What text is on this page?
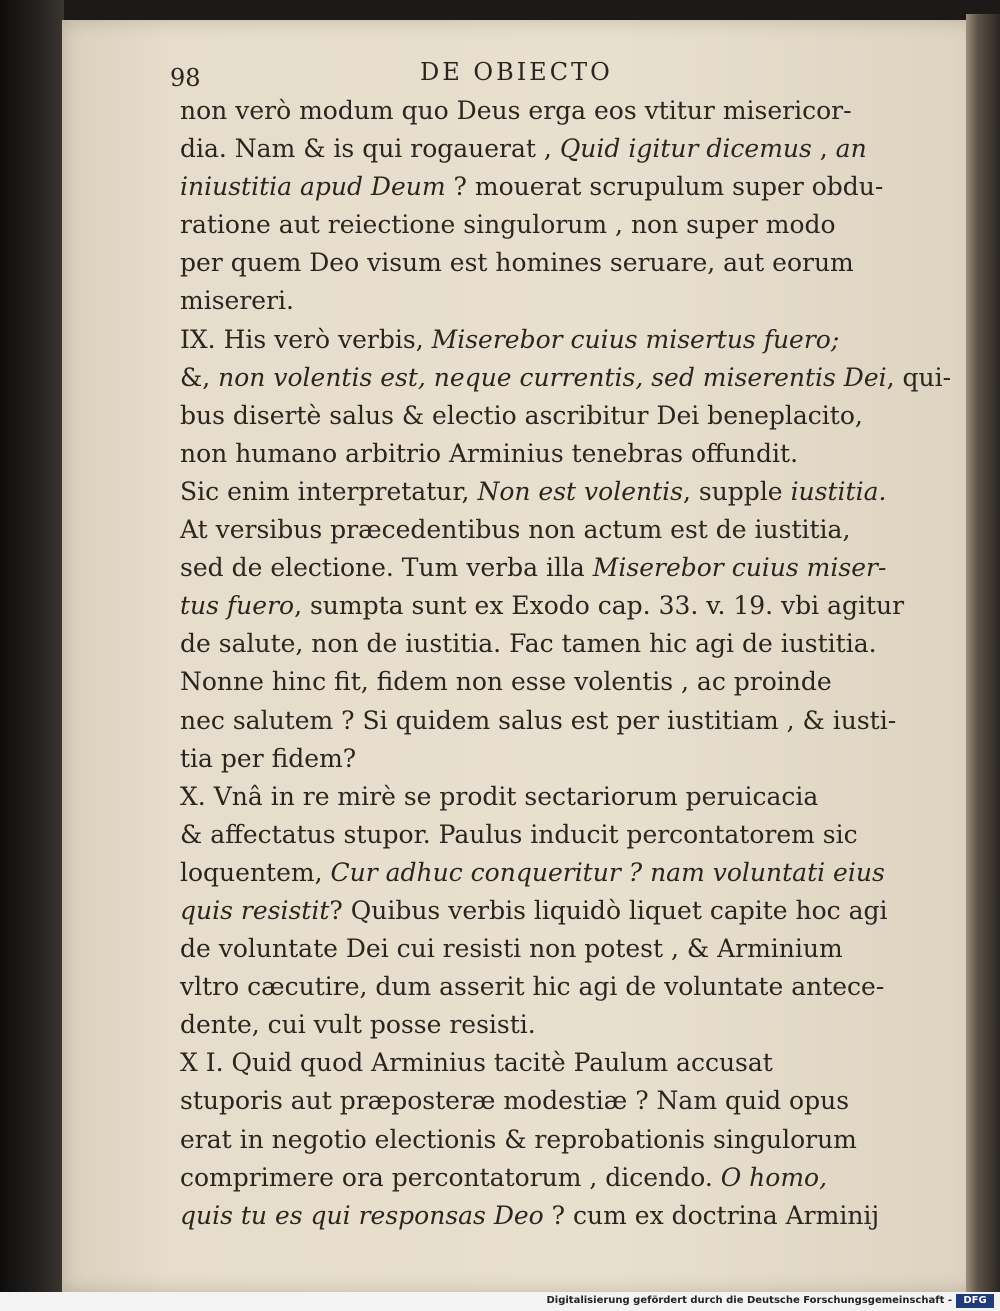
98	DE OBIECTO
non verò modum quo Deus erga eos vtitur misericor-
dia. Nam & is qui rogauerat , Quid igitur dicemus , an
iniustitia apud Deum ? mouerat scrupulum super obdu-
ratione aut reiectione singulorum , non super modo
per quem Deo visum est homines seruare, aut eorum
misereri.
IX. His verò verbis, Miserebor cuius misertus fuero;
&, non volentis est, neque currentis, sed miserentis Dei, qui-
bus disertè salus & electio ascribitur Dei beneplacito,
non humano arbitrio Arminius tenebras offundit.
Sic enim interpretatur, Non est volentis, supple iustitia.
At versibus præcedentibus non actum est de iustitia,
sed de electione. Tum verba illa Miserebor cuius miser-
tus fuero, sumpta sunt ex Exodo cap. 33. v. 19. vbi agitur
de salute, non de iustitia. Fac tamen hic agi de iustitia.
Nonne hinc fit, fidem non esse volentis , ac proinde
nec salutem ? Si quidem salus est per iustitiam , & iusti-
tia per fidem?
X. Vnâ in re mirè se prodit sectariorum peruicacia
& affectatus stupor. Paulus inducit percontatorem sic
loquentem, Cur adhuc conqueritur ? nam voluntati eius
quis resistit? Quibus verbis liquidò liquet capite hoc agi
de voluntate Dei cui resisti non potest , & Arminium
vltro cæcutire, dum asserit hic agi de voluntate antece-
dente, cui vult posse resisti.
X I. Quid quod Arminius tacitè Paulum accusat
stuporis aut præposteræ modestiæ ? Nam quid opus
erat in negotio electionis & reprobationis singulorum
comprimere ora percontatorum , dicendo. O homo,
quis tu es qui responsas Deo ? cum ex doctrina Arminij
Digitalisierung gefördert durch die Deutsche Forschungsgemeinschaft -	DFG
